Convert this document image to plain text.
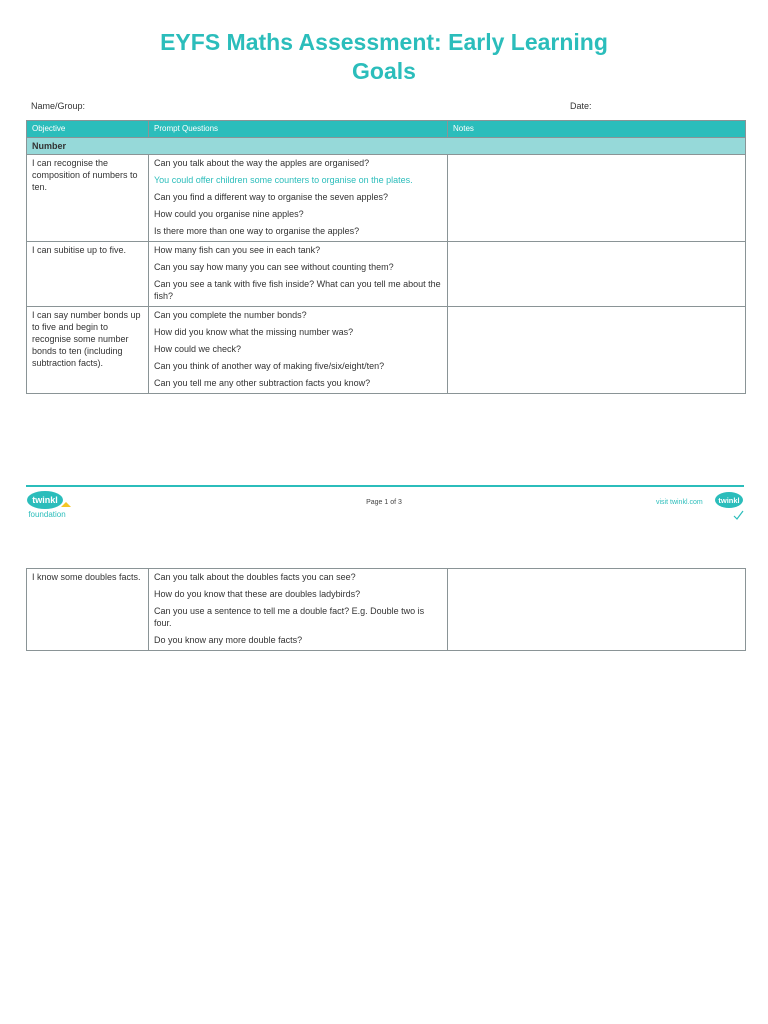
EYFS Maths Assessment: Early Learning
Goals
Name/Group:	Date:
Objective	Prompt Questions	Notes
Number		
I can recognise the composition of numbers to ten.	Can you talk about the way the apples are organised?
You could offer children some counters to organise on the plates.
Can you find a different way to organise the seven apples?
How could you organise nine apples?
Is there more than one way to organise the apples?	

I can subitise up to five.	How many fish can you see in each tank?
Can you say how many you can see without counting them?
Can you see a tank with five fish inside? What can you tell me about the fish?	

I can say number bonds up to five and begin to recognise some number bonds to ten (including subtraction facts).	Can you complete the number bonds?
How did you know what the missing number was?
How could we check?
Can you think of another way of making five/six/eight/ten?
Can you tell me any other subtraction facts you know?	

twinkl
foundation
Page 1 of 3	visit twinkl.com twinkl
I know some doubles facts.	Can you talk about the doubles facts you can see?
How do you know that these are doubles ladybirds?
Can you use a sentence to tell me a double fact? E.g. Double two is four.
Do you know any more double facts?
